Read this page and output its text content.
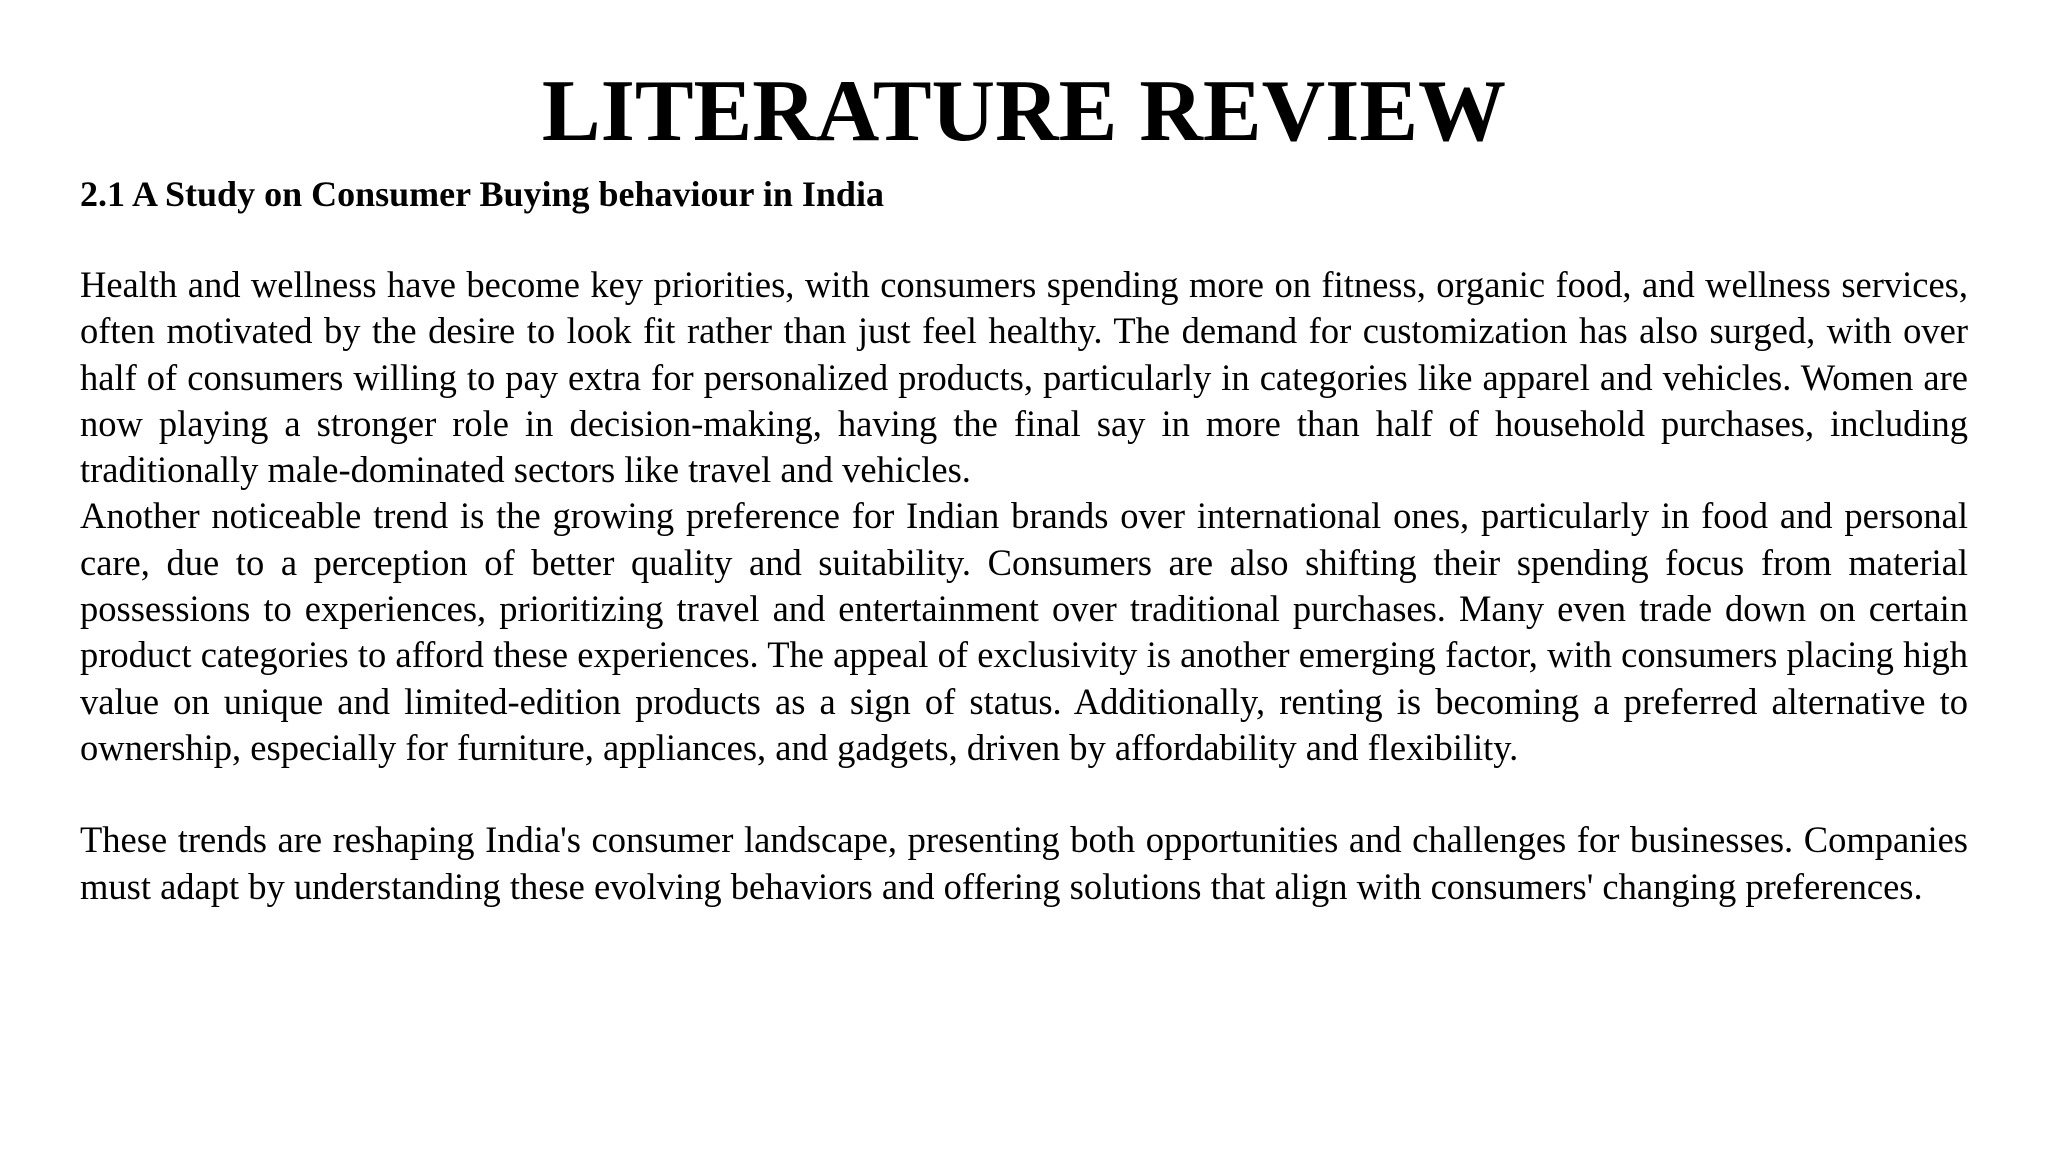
LITERATURE REVIEW
2.1 A Study on Consumer Buying behaviour in India

Health and wellness have become key priorities, with consumers spending more on fitness, organic food, and wellness services, often motivated by the desire to look fit rather than just feel healthy. The demand for customization has also surged, with over half of consumers willing to pay extra for personalized products, particularly in categories like apparel and vehicles. Women are now playing a stronger role in decision-making, having the final say in more than half of household purchases, including traditionally male-dominated sectors like travel and vehicles.

Another noticeable trend is the growing preference for Indian brands over international ones, particularly in food and personal care, due to a perception of better quality and suitability. Consumers are also shifting their spending focus from material possessions to experiences, prioritizing travel and entertainment over traditional purchases. Many even trade down on certain product categories to afford these experiences. The appeal of exclusivity is another emerging factor, with consumers placing high value on unique and limited-edition products as a sign of status. Additionally, renting is becoming a preferred alternative to ownership, especially for furniture, appliances, and gadgets, driven by affordability and flexibility.

These trends are reshaping India's consumer landscape, presenting both opportunities and challenges for businesses. Companies must adapt by understanding these evolving behaviors and offering solutions that align with consumers' changing preferences.
